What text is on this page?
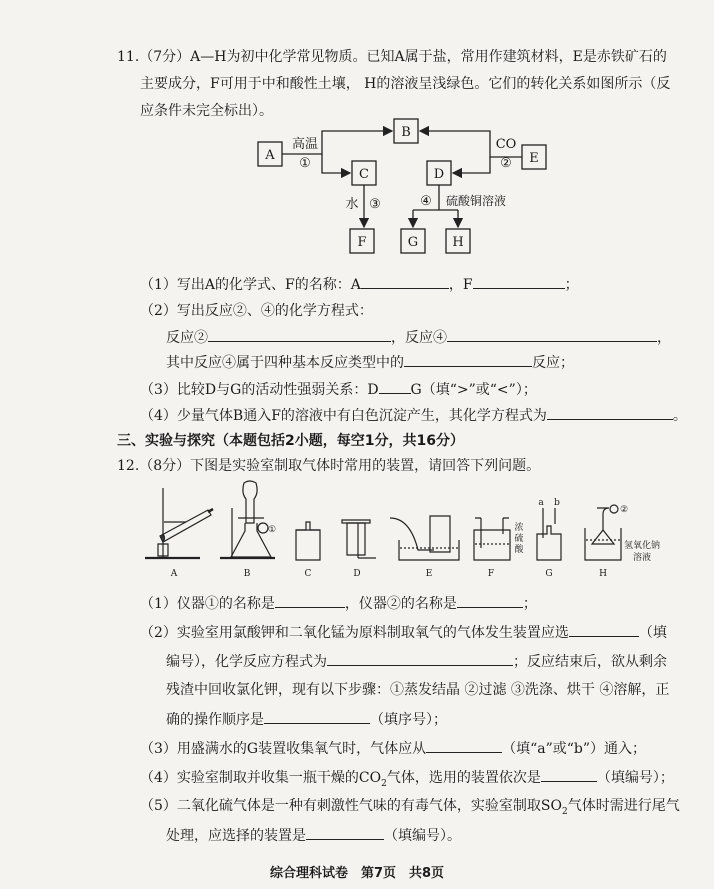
11.（7分）A—H为初中化学常见物质。已知A属于盐，常用作建筑材料，E是赤铁矿石的
主要成分，F可用于中和酸性土壤， H的溶液呈浅绿色。它们的转化关系如图所示（反
应条件未完全标出）。
A
B
C	D
E
F	G	H
高温
①
CO
②
水 ③	④ 硫酸铜溶液
（1）写出A的化学式、F的名称：A	，F	；
（2）写出反应②、④的化学方程式：
反应②	，反应④	，
其中反应④属于四种基本反应类型中的	反应；
（3）比较D与G的活动性强弱关系：D G（填“>”或“<”）；
（4）少量气体B通入F的溶液中有白色沉淀产生，其化学方程式为	。
三、实验与探究（本题包括2小题，每空1分，共16分）
12.（8分）下图是实验室制取气体时常用的装置，请回答下列问题。
A	B	C	D	E	F	G	H
①
②
浓
硫
酸
a b
氢氧化钠
溶液
（1）仪器①的名称是	，仪器②的名称是	；
（2）实验室用氯酸钾和二氧化锰为原料制取氧气的气体发生装置应选	（填
编号），化学反应方程式为	；反应结束后，欲从剩余
残渣中回收氯化钾，现有以下步骤：①蒸发结晶 ②过滤 ③洗涤、烘干 ④溶解，正
确的操作顺序是	（填序号）；
（3）用盛满水的G装置收集氧气时，气体应从	（填“a”或“b”）通入；
（4）实验室制取并收集一瓶干燥的$CO_2$气体，选用的装置依次是	（填编号）；
（5）二氧化硫气体是一种有刺激性气味的有毒气体，实验室制取$SO_2$气体时需进行尾气
处理，应选择的装置是	（填编号）。
综合理科试卷　第7页　共8页
